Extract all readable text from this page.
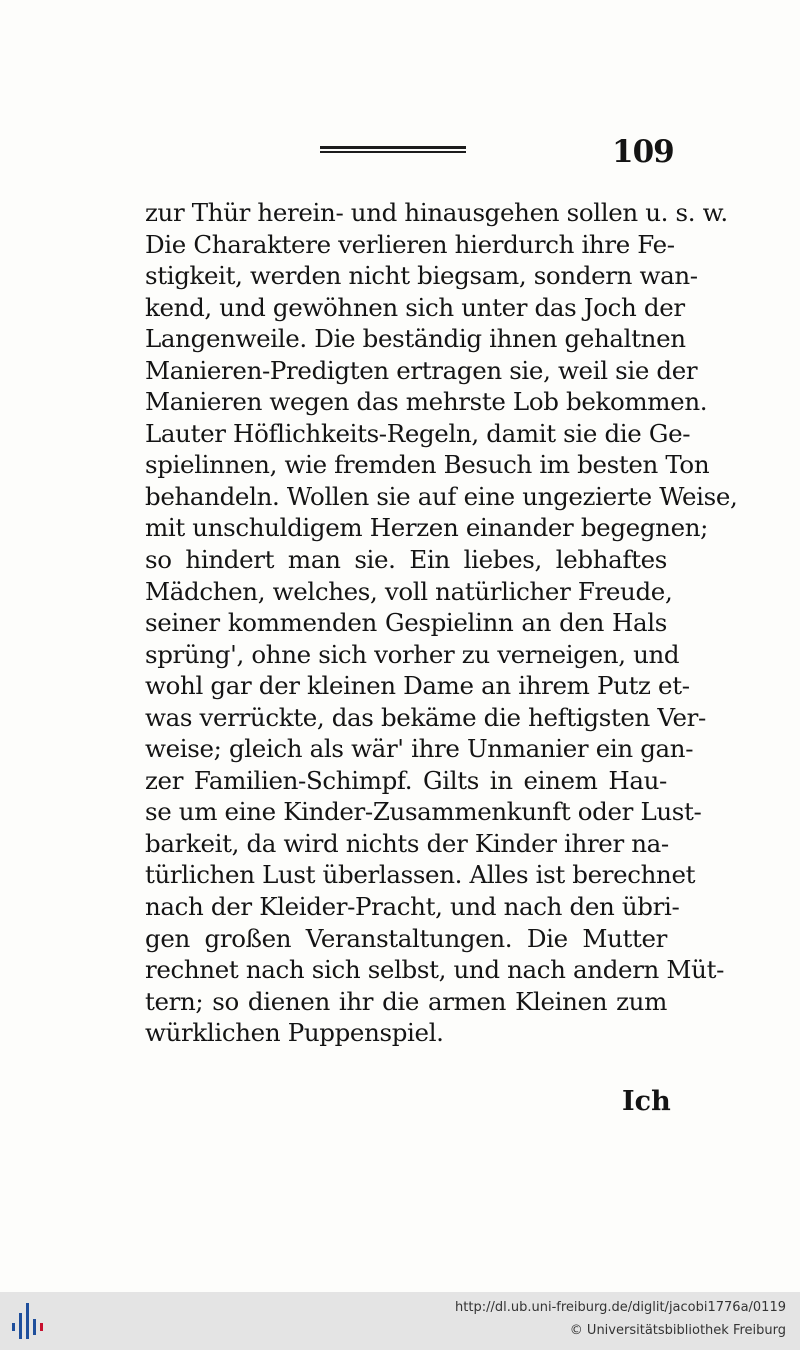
109
zur Thür herein- und hinausgehen sollen u. s. w.
Die Charaktere verlieren hierdurch ihre Fe-
stigkeit, werden nicht biegsam, sondern wan-
kend, und gewöhnen sich unter das Joch der
Langenweile. Die beständig ihnen gehaltnen
Manieren-Predigten ertragen sie, weil sie der
Manieren wegen das mehrste Lob bekommen.
Lauter Höflichkeits-Regeln, damit sie die Ge-
spielinnen, wie fremden Besuch im besten Ton
behandeln. Wollen sie auf eine ungezierte Weise,
mit unschuldigem Herzen einander begegnen;
so hindert man sie. Ein liebes, lebhaftes
Mädchen, welches, voll natürlicher Freude,
seiner kommenden Gespielinn an den Hals
sprüng', ohne sich vorher zu verneigen, und
wohl gar der kleinen Dame an ihrem Putz et-
was verrückte, das bekäme die heftigsten Ver-
weise; gleich als wär' ihre Unmanier ein gan-
zer Familien-Schimpf. Gilts in einem Hau-
se um eine Kinder-Zusammenkunft oder Lust-
barkeit, da wird nichts der Kinder ihrer na-
türlichen Lust überlassen. Alles ist berechnet
nach der Kleider-Pracht, und nach den übri-
gen großen Veranstaltungen. Die Mutter
rechnet nach sich selbst, und nach andern Müt-
tern; so dienen ihr die armen Kleinen zum
würklichen Puppenspiel.
Ich
http://dl.ub.uni-freiburg.de/diglit/jacobi1776a/0119
© Universitätsbibliothek Freiburg
